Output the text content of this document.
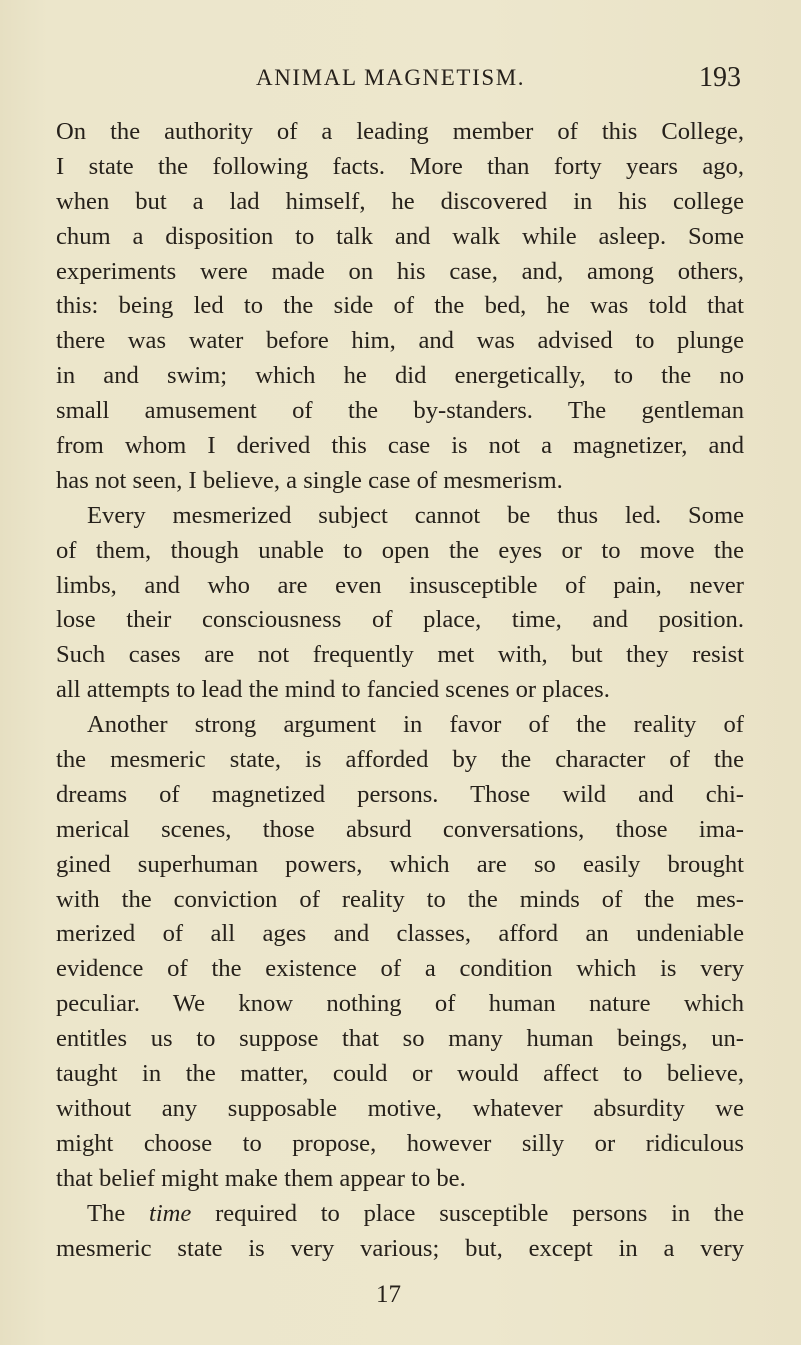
ANIMAL MAGNETISM.	193
On the authority of a leading member of this College,
I state the following facts. More than forty years ago,
when but a lad himself, he discovered in his college
chum a disposition to talk and walk while asleep. Some
experiments were made on his case, and, among others,
this: being led to the side of the bed, he was told that
there was water before him, and was advised to plunge
in and swim; which he did energetically, to the no
small amusement of the by-standers. The gentleman
from whom I derived this case is not a magnetizer, and
has not seen, I believe, a single case of mesmerism.
Every mesmerized subject cannot be thus led. Some
of them, though unable to open the eyes or to move the
limbs, and who are even insusceptible of pain, never
lose their consciousness of place, time, and position.
Such cases are not frequently met with, but they resist
all attempts to lead the mind to fancied scenes or places.
Another strong argument in favor of the reality of
the mesmeric state, is afforded by the character of the
dreams of magnetized persons. Those wild and chi-
merical scenes, those absurd conversations, those ima-
gined superhuman powers, which are so easily brought
with the conviction of reality to the minds of the mes-
merized of all ages and classes, afford an undeniable
evidence of the existence of a condition which is very
peculiar. We know nothing of human nature which
entitles us to suppose that so many human beings, un-
taught in the matter, could or would affect to believe,
without any supposable motive, whatever absurdity we
might choose to propose, however silly or ridiculous
that belief might make them appear to be.
The time required to place susceptible persons in the
mesmeric state is very various; but, except in a very
17
